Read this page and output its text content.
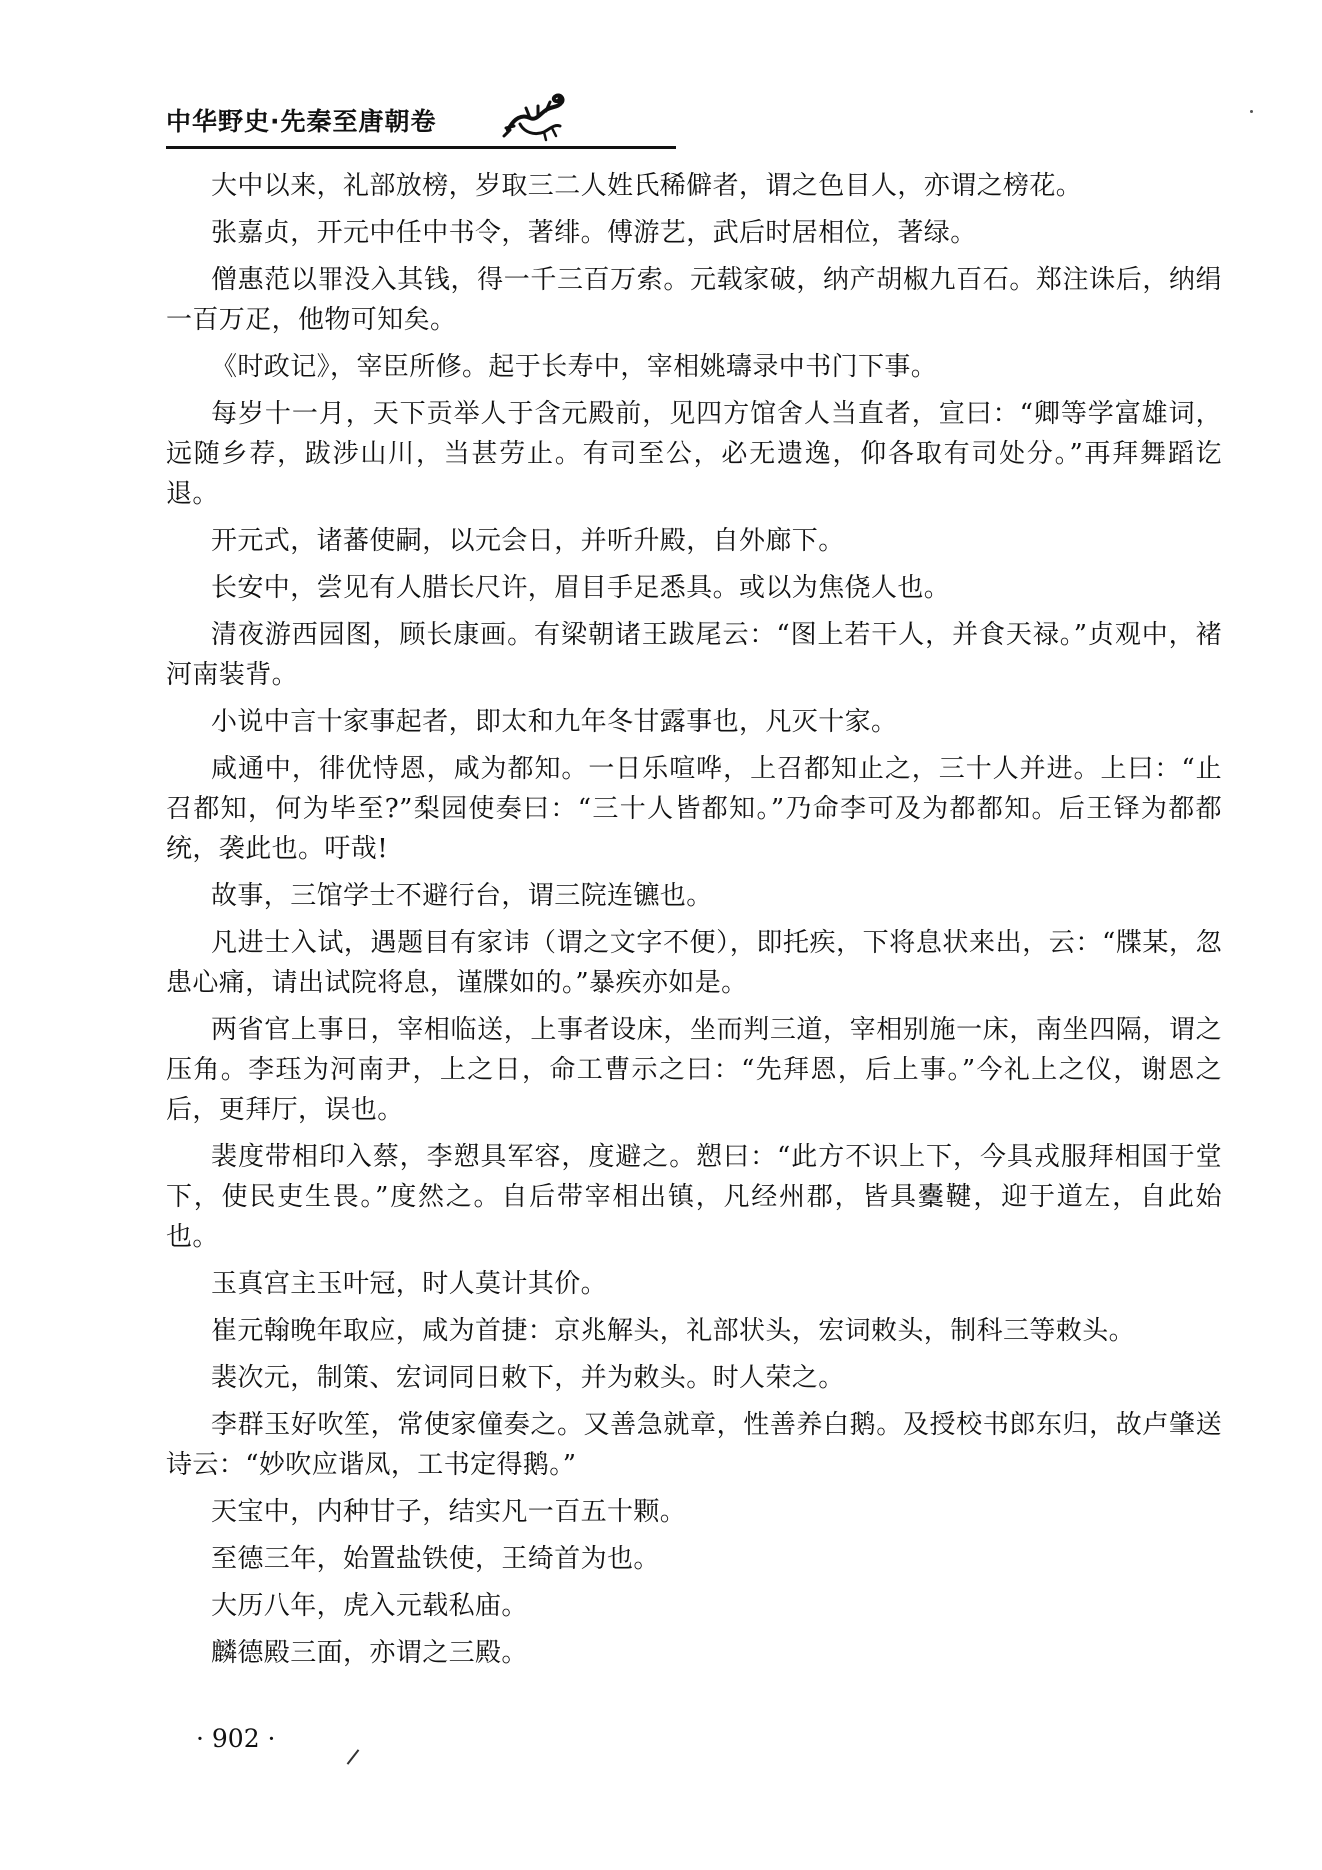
中华野史·先秦至唐朝卷

大中以来，礼部放榜，岁取三二人姓氏稀僻者，谓之色目人，亦谓之榜花。

张嘉贞，开元中任中书令，著绯。傅游艺，武后时居相位，著绿。

僧惠范以罪没入其钱，得一千三百万索。元载家破，纳产胡椒九百石。郑注诛后，纳绢一百万疋，他物可知矣。

《时政记》，宰臣所修。起于长寿中，宰相姚璹录中书门下事。

每岁十一月，天下贡举人于含元殿前，见四方馆舍人当直者，宣曰：“卿等学富雄词，远随乡荐，跋涉山川，当甚劳止。有司至公，必无遗逸，仰各取有司处分。”再拜舞蹈讫退。

开元式，诸蕃使嗣，以元会日，并听升殿，自外廊下。

长安中，尝见有人腊长尺许，眉目手足悉具。或以为焦侥人也。

清夜游西园图，顾长康画。有梁朝诸王跋尾云：“图上若干人，并食天禄。”贞观中，褚河南装背。

小说中言十家事起者，即太和九年冬甘露事也，凡灭十家。

咸通中，徘优恃恩，咸为都知。一日乐喧哗，上召都知止之，三十人并进。上曰：“止召都知，何为毕至?”梨园使奏曰：“三十人皆都知。”乃命李可及为都都知。后王铎为都都统，袭此也。吁哉!

故事，三馆学士不避行台，谓三院连镳也。

凡进士入试，遇题目有家讳（谓之文字不便），即托疾，下将息状来出，云：“牒某，忽患心痛，请出试院将息，谨牒如的。”暴疾亦如是。

两省官上事日，宰相临送，上事者设床，坐而判三道，宰相别施一床，南坐四隔，谓之压角。李珏为河南尹，上之日，命工曹示之曰：“先拜恩，后上事。”今礼上之仪，谢恩之后，更拜厅，误也。

裴度带相印入蔡，李愬具军容，度避之。愬曰：“此方不识上下，今具戎服拜相国于堂下，使民吏生畏。”度然之。自后带宰相出镇，凡经州郡，皆具櫜鞬，迎于道左，自此始也。

玉真宫主玉叶冠，时人莫计其价。

崔元翰晚年取应，咸为首捷：京兆解头，礼部状头，宏词敕头，制科三等敕头。

裴次元，制策、宏词同日敕下，并为敕头。时人荣之。

李群玉好吹笙，常使家僮奏之。又善急就章，性善养白鹅。及授校书郎东归，故卢肇送诗云：“妙吹应谐凤，工书定得鹅。”

天宝中，内种甘子，结实凡一百五十颗。

至德三年，始置盐铁使，王绮首为也。

大历八年，虎入元载私庙。

麟德殿三面，亦谓之三殿。

· 902 ·
